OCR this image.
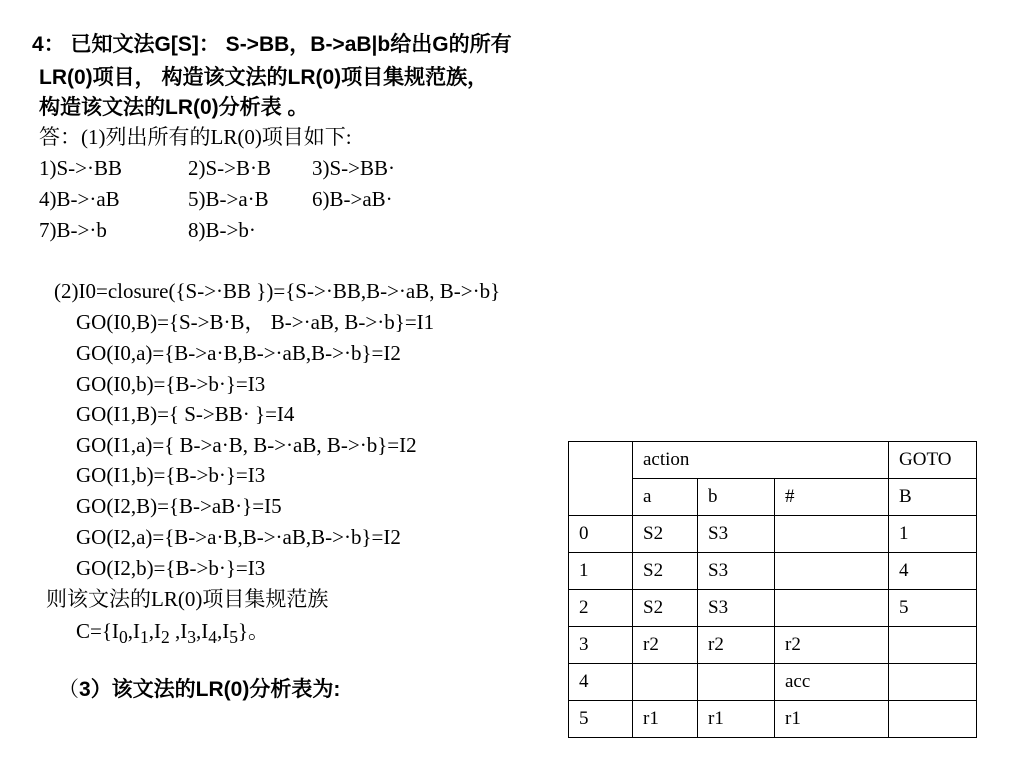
4： 已知文法G[S]： S->BB，B->aB|b给出G的所有
LR(0)项目， 构造该文法的LR(0)项目集规范族，
构造该文法的LR(0)分析表 。
答：(1)列出所有的LR(0)项目如下:
1)S->·BB	2)S->B·B 3)S->BB·
4)B->·aB	5)B->a·B 6)B->aB·
7)B->·b	8)B->b·
(2)I0=closure({S->·BB })={S->·BB,B->·aB, B->·b}
GO(I0,B)={S->B·B， B->·aB, B->·b}=I1
GO(I0,a)={B->a·B,B->·aB,B->·b}=I2
GO(I0,b)={B->b·}=I3
GO(I1,B)={ S->BB· }=I4
GO(I1,a)={ B->a·B, B->·aB, B->·b}=I2
GO(I1,b)={B->b·}=I3
GO(I2,B)={B->aB·}=I5
GO(I2,a)={B->a·B,B->·aB,B->·b}=I2
GO(I2,b)={B->b·}=I3
则该文法的LR(0)项目集规范族
$C=\{I_0,I_1,I_2$ $,I_3,I_4,I_5$}。
（3）该文法的LR(0)分析表为:
	action			GOTO
	a	b	#	B
0	S2	S3		1
1	S2	S3		4
2	S2	S3		5
3	r2	r2	r2	
4			acc	
5	r1	r1	r1	
